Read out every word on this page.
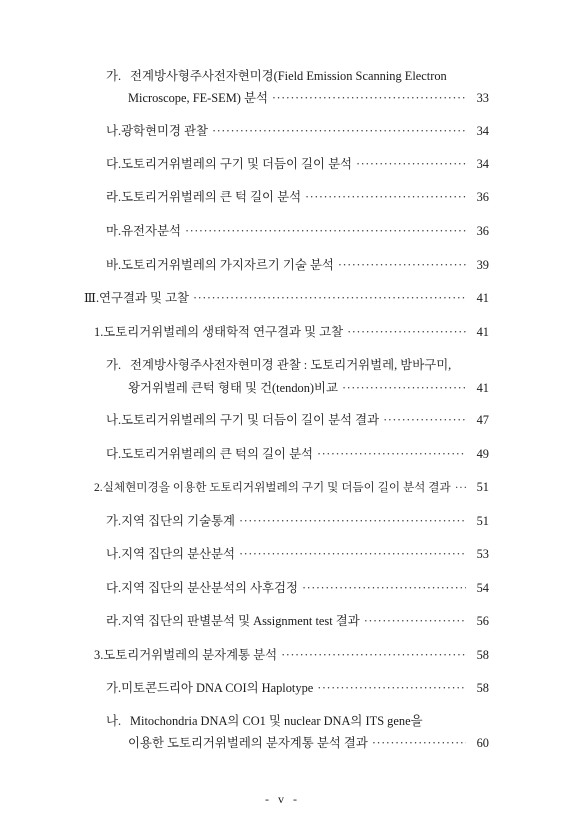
가. 전계방사형주사전자현미경(Field Emission Scanning Electron
Microscope, FE-SEM) 분석 ·····	33
나. 광학현미경 관찰 ·····	34
다. 도토리거위벌레의 구기 및 더듬이 길이 분석 ·····	34
라. 도토리거위벌레의 큰 턱 길이 분석 ·····	36
마. 유전자분석 ·····	36
바. 도토리거위벌레의 가지자르기 기술 분석 ·····	39
Ⅲ. 연구결과 및 고찰 ·····	41
1. 도토리거위벌레의 생태학적 연구결과 및 고찰 ·····	41
가. 전계방사형주사전자현미경 관찰 : 도토리거위벌레, 밤바구미,
왕거위벌레 큰턱 형태 및 건(tendon)비교 ·····	41
나. 도토리거위벌레의 구기 및 더듬이 길이 분석 결과 ·····	47
다. 도토리거위벌레의 큰 턱의 길이 분석 ·····	49
2. 실체현미경을 이용한 도토리거위벌레의 구기 및 더듬이 길이 분석 결과 ·····	51
가. 지역 집단의 기술통계 ·····	51
나. 지역 집단의 분산분석 ·····	53
다. 지역 집단의 분산분석의 사후검정 ·····	54
라. 지역 집단의 판별분석 및 Assignment test 결과 ·····	56
3. 도토리거위벌레의 분자계통 분석 ·····	58
가. 미토콘드리아 DNA COI의 Haplotype ·····	58
나. Mitochondria DNA의 CO1 및 nuclear DNA의 ITS gene을
이용한 도토리거위벌레의 분자계통 분석 결과 ·····	60
- v -
